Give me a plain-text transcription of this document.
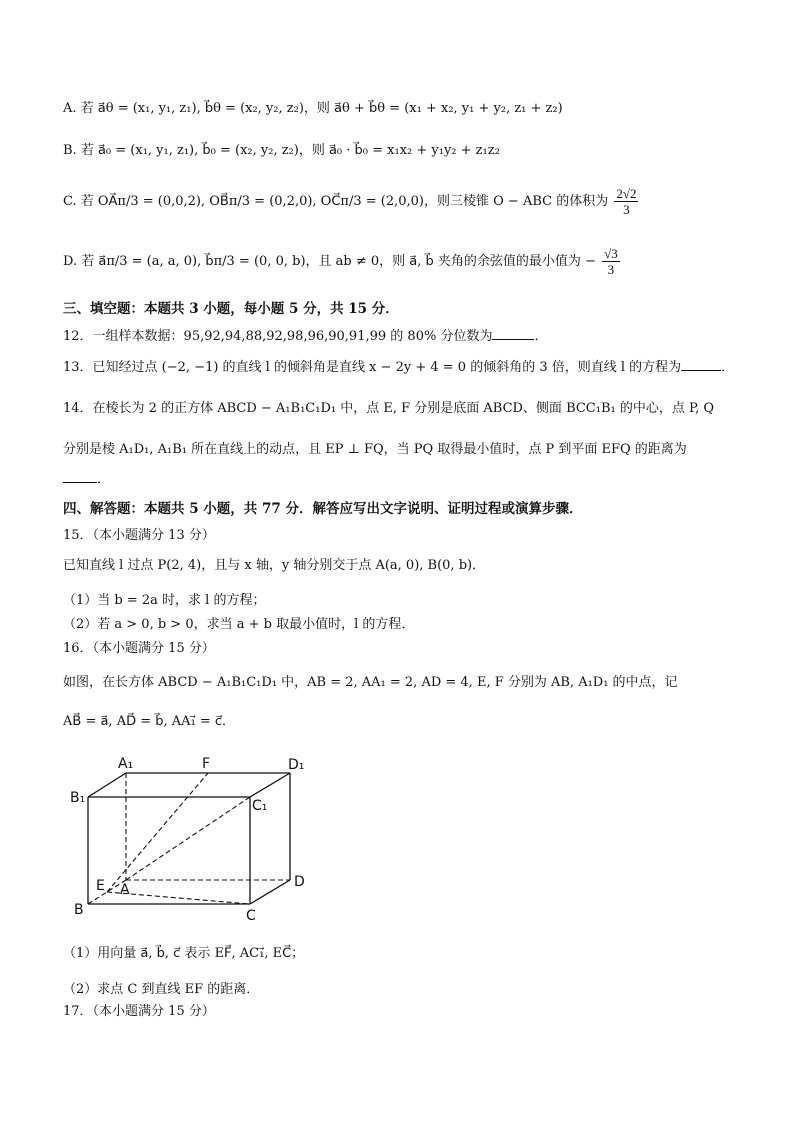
A. 若 a⃗θ = (x₁, y₁, z₁), b⃗θ = (x₂, y₂, z₂)，则 a⃗θ + b⃗θ = (x₁ + x₂, y₁ + y₂, z₁ + z₂)
B. 若 a⃗₀ = (x₁, y₁, z₁), b⃗₀ = (x₂, y₂, z₂)，则 a⃗₀ · b⃗₀ = x₁x₂ + y₁y₂ + z₁z₂
C. 若 OA⃗π/3 = (0,0,2), OB⃗π/3 = (0,2,0), OC⃗π/3 = (2,0,0)，则三棱锥 O − ABC 的体积为 $\frac{2√2}{3}$
D. 若 a⃗π/3 = (a, a, 0), b⃗π/3 = (0, 0, b)，且 ab ≠ 0，则 a⃗, b⃗ 夹角的余弦值的最小值为 − $\frac{√3}{3}$
三、填空题：本题共 3 小题，每小题 5 分，共 15 分．
12．一组样本数据：95,92,94,88,92,98,96,90,91,99 的 80% 分位数为	．
13．已知经过点 (−2, −1) 的直线 l 的倾斜角是直线 x − 2y + 4 = 0 的倾斜角的 3 倍，则直线 l 的方程为	．
14．在棱长为 2 的正方体 ABCD − A₁B₁C₁D₁ 中，点 E, F 分别是底面 ABCD、侧面 BCC₁B₁ 的中心，点 P, Q
分别是棱 A₁D₁, A₁B₁ 所在直线上的动点，且 EP ⊥ FQ，当 PQ 取得最小值时，点 P 到平面 EFQ 的距离为
．
四、解答题：本题共 5 小题，共 77 分．解答应写出文字说明、证明过程或演算步骤．
15．（本小题满分 13 分）
已知直线 l 过点 P(2, 4)，且与 x 轴，y 轴分别交于点 A(a, 0), B(0, b)．
（1）当 b = 2a 时，求 l 的方程；
（2）若 a > 0, b > 0，求当 a + b 取最小值时，l 的方程．
16．（本小题满分 15 分）
如图，在长方体 ABCD − A₁B₁C₁D₁ 中，AB = 2, AA₁ = 2, AD = 4, E, F 分别为 AB, A₁D₁ 的中点，记
AB⃗ = a⃗, AD⃗ = b⃗, AA₁⃗ = c⃗．
A₁	F	D₁
B₁	C₁
E A	D
B	C
（1）用向量 a⃗, b⃗, c⃗ 表示 EF⃗, AC₁⃗, EC⃗；
（2）求点 C 到直线 EF 的距离．
17．（本小题满分 15 分）
